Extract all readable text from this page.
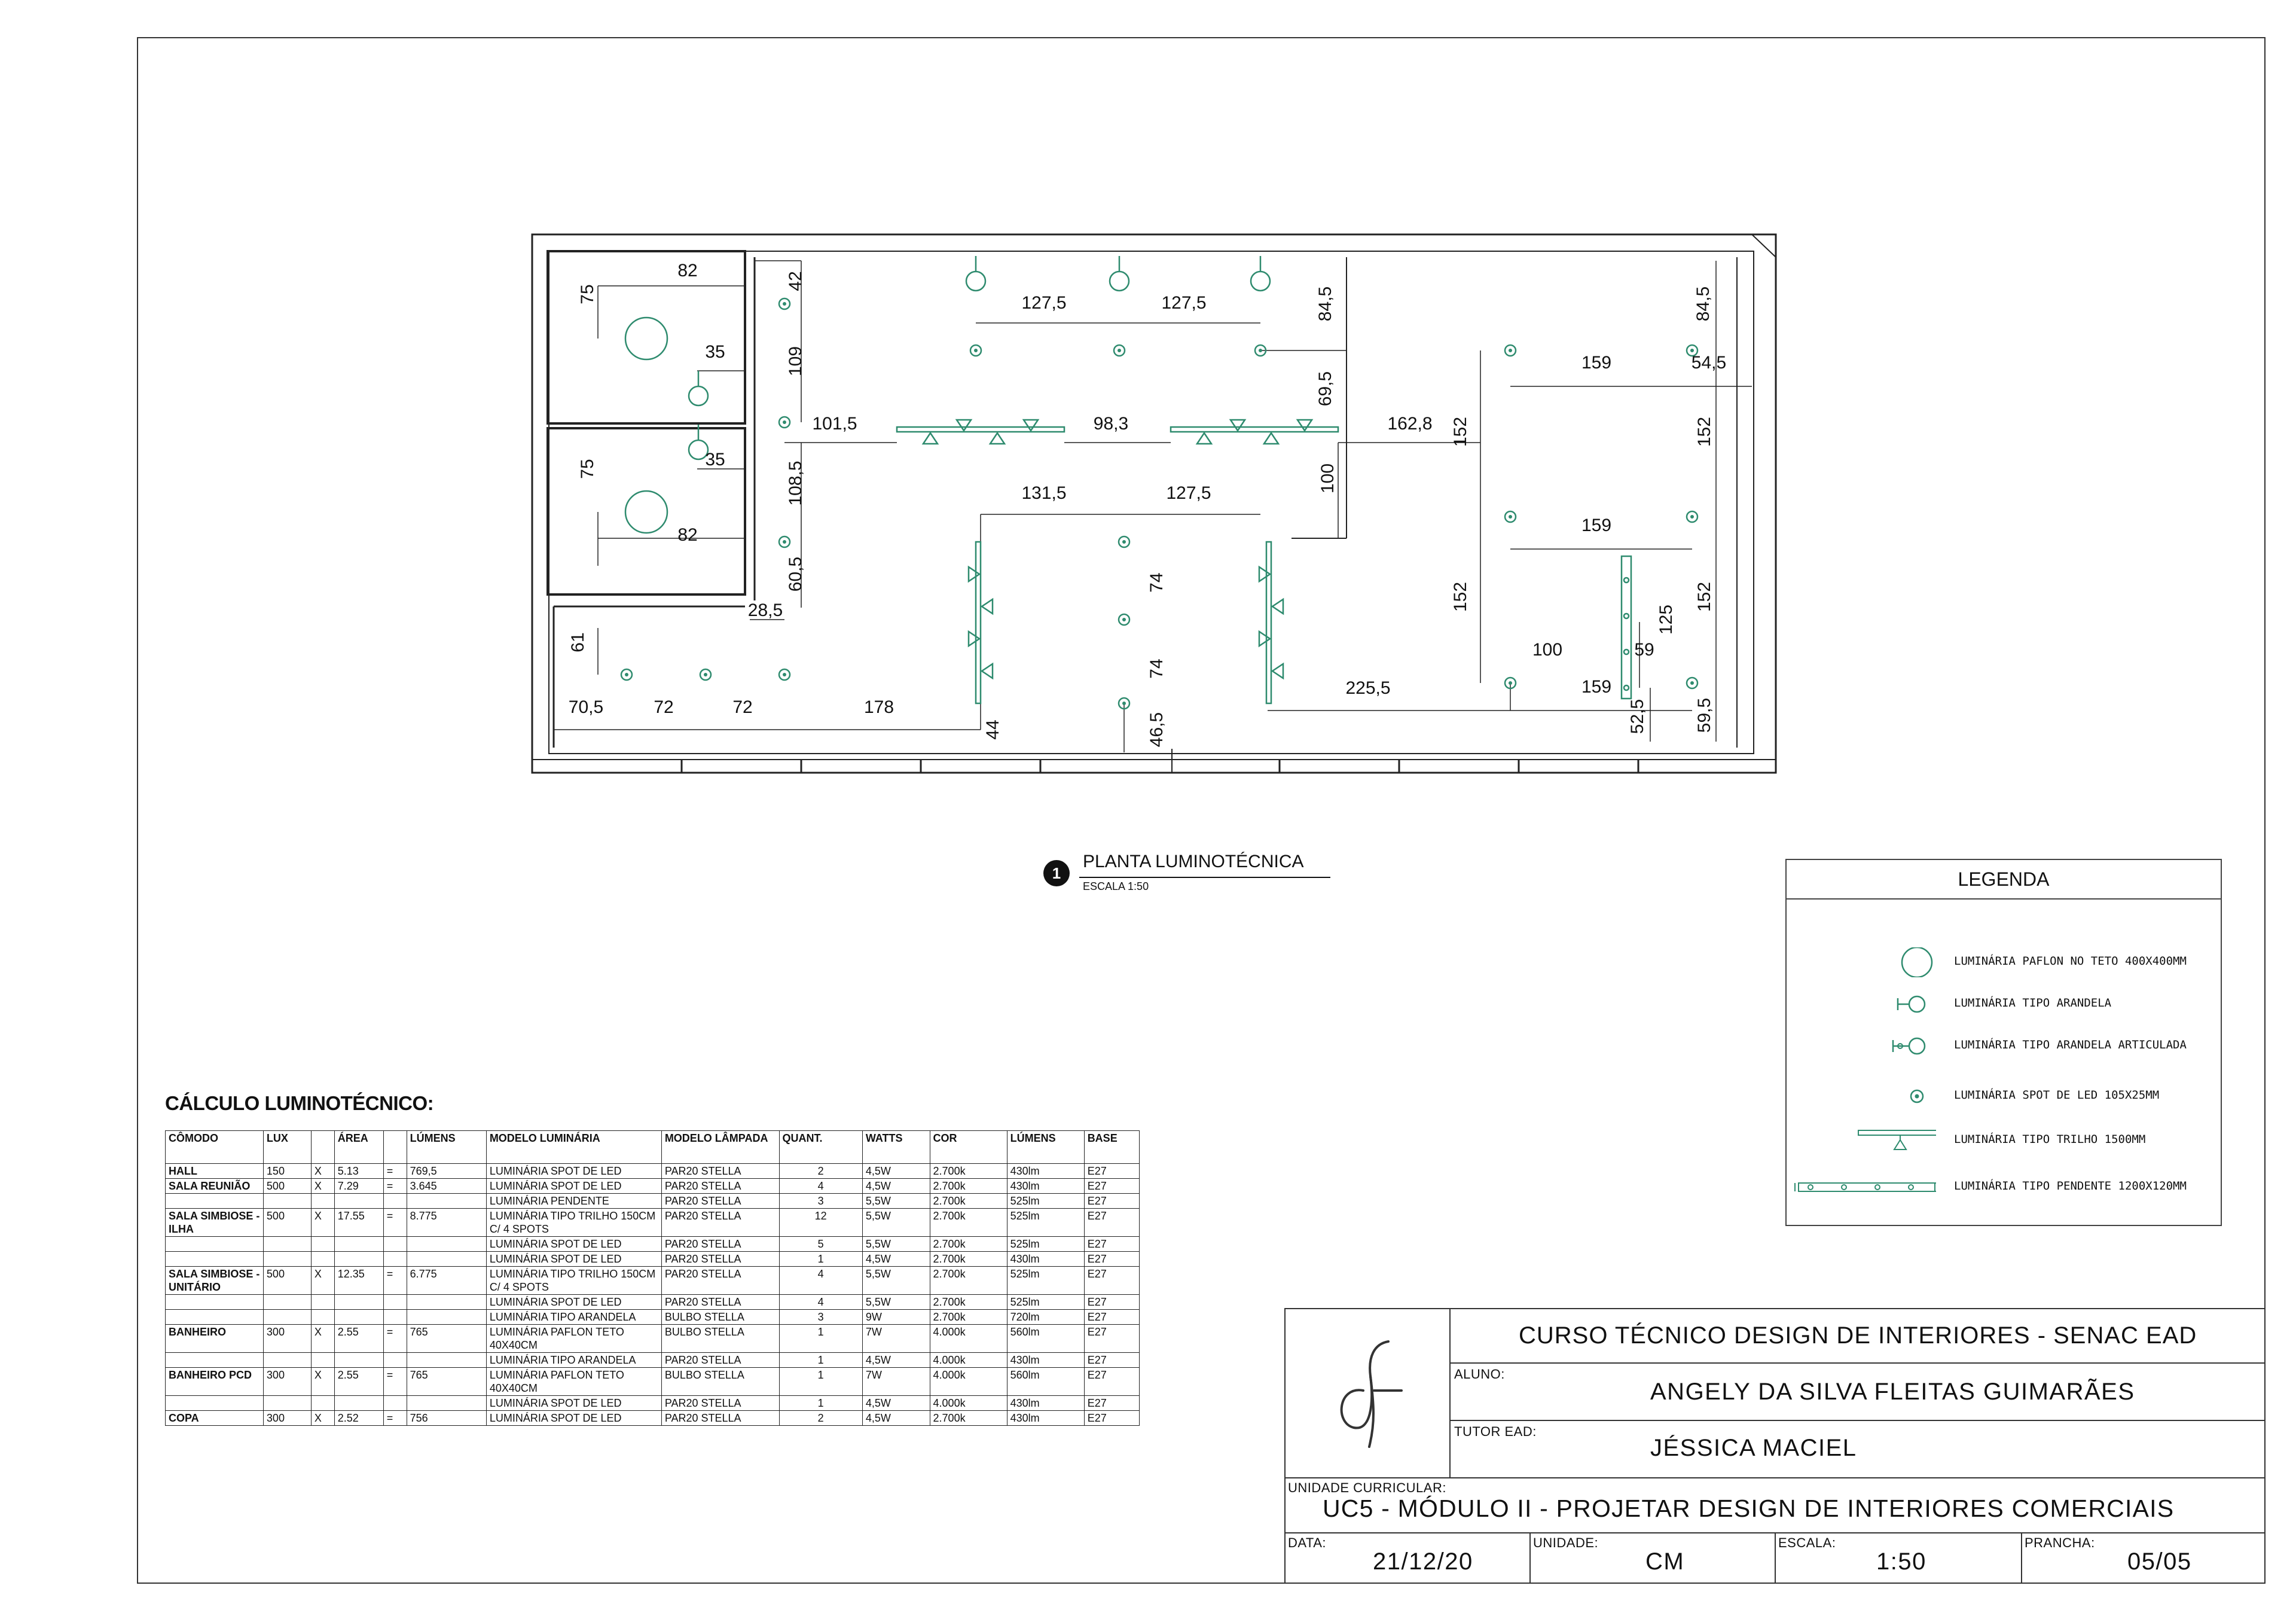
82
75
35
35
75
82
42
109
108,5
60,5
28,5
61
70,5	72	72	178
44	46,5
74
74
131,5	127,5
101,5	98,3
127,5	127,5	84,5
69,5
100
162,8
225,5
152
152
159
159
159
100	59
125
52,5
54,5
84,5
152
152
59,5
1
PLANTA LUMINOTÉCNICA
ESCALA 1:50
CÁLCULO LUMINOTÉCNICO:
CÔMODO	LUX		ÁREA		LÚMENS	MODELO LUMINÁRIA	MODELO LÂMPADA	QUANT.	WATTS	COR	LÚMENS	BASE
HALL	150	X	5.13	=	769,5	LUMINÁRIA SPOT DE LED	PAR20 STELLA	2	4,5W	2.700k	430lm	E27
SALA REUNIÃO	500	X	7.29	=	3.645	LUMINÁRIA SPOT DE LED	PAR20 STELLA	4	4,5W	2.700k	430lm	E27
						LUMINÁRIA PENDENTE	PAR20 STELLA	3	5,5W	2.700k	525lm	E27
SALA SIMBIOSE - ILHA	500	X	17.55	=	8.775	LUMINÁRIA TIPO TRILHO 150CM C/ 4 SPOTS	PAR20 STELLA	12	5,5W	2.700k	525lm	E27
						LUMINÁRIA SPOT DE LED	PAR20 STELLA	5	5,5W	2.700k	525lm	E27
						LUMINÁRIA SPOT DE LED	PAR20 STELLA	1	4,5W	2.700k	430lm	E27
SALA SIMBIOSE - UNITÁRIO	500	X	12.35	=	6.775	LUMINÁRIA TIPO TRILHO 150CM C/ 4 SPOTS	PAR20 STELLA	4	5,5W	2.700k	525lm	E27
						LUMINÁRIA SPOT DE LED	PAR20 STELLA	4	5,5W	2.700k	525lm	E27
						LUMINÁRIA TIPO ARANDELA	BULBO STELLA	3	9W	2.700k	720lm	E27
BANHEIRO	300	X	2.55	=	765	LUMINÁRIA PAFLON TETO 40X40CM	BULBO STELLA	1	7W	4.000k	560lm	E27
						LUMINÁRIA TIPO ARANDELA	PAR20 STELLA	1	4,5W	4.000k	430lm	E27
BANHEIRO PCD	300	X	2.55	=	765	LUMINÁRIA PAFLON TETO 40X40CM	BULBO STELLA	1	7W	4.000k	560lm	E27
						LUMINÁRIA SPOT DE LED	PAR20 STELLA	1	4,5W	4.000k	430lm	E27
COPA	300	X	2.52	=	756	LUMINÁRIA SPOT DE LED	PAR20 STELLA	2	4,5W	2.700k	430lm	E27
LEGENDA
LUMINÁRIA PAFLON NO TETO 400X400MM
LUMINÁRIA TIPO ARANDELA
LUMINÁRIA TIPO ARANDELA ARTICULADA
LUMINÁRIA SPOT DE LED 105X25MM
LUMINÁRIA TIPO TRILHO 1500MM
LUMINÁRIA TIPO PENDENTE 1200X120MM
CURSO TÉCNICO DESIGN DE INTERIORES - SENAC EAD
ALUNO:
ANGELY DA SILVA FLEITAS GUIMARÃES
TUTOR EAD:
JÉSSICA MACIEL
UNIDADE CURRICULAR:
UC5 - MÓDULO II - PROJETAR DESIGN DE INTERIORES COMERCIAIS
DATA:
21/12/20
UNIDADE:
CM
ESCALA:
1:50
PRANCHA:
05/05
